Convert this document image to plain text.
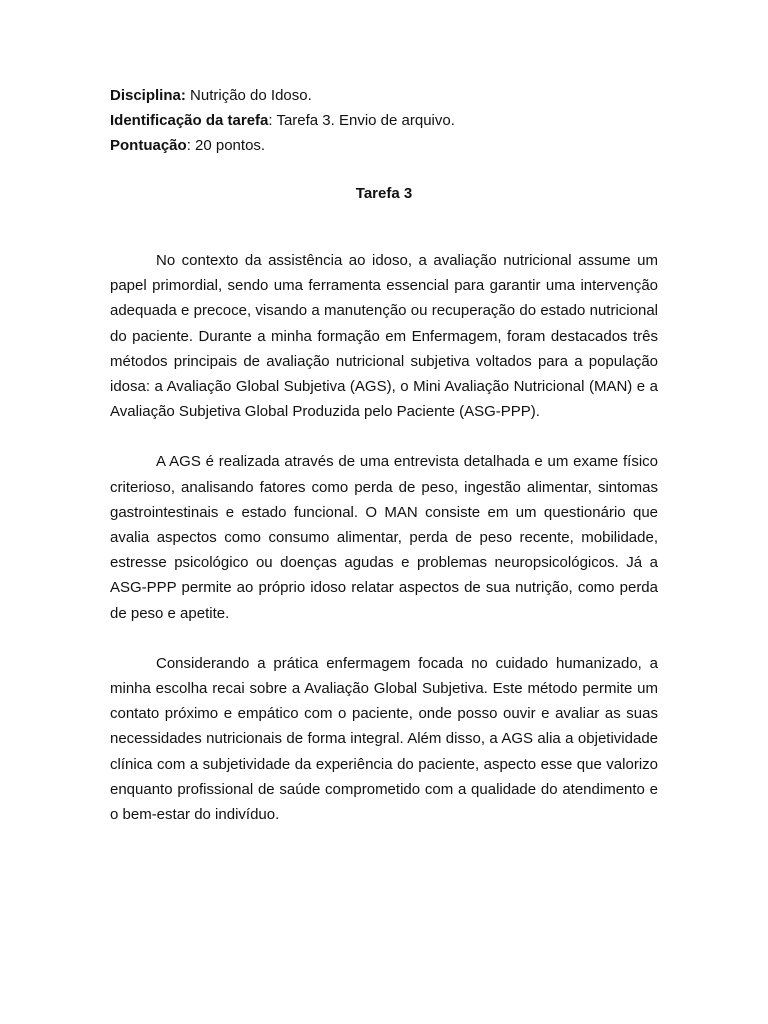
Disciplina: Nutrição do Idoso.

Identificação da tarefa: Tarefa 3. Envio de arquivo.

Pontuação: 20 pontos.

Tarefa 3

No contexto da assistência ao idoso, a avaliação nutricional assume um papel primordial, sendo uma ferramenta essencial para garantir uma intervenção adequada e precoce, visando a manutenção ou recuperação do estado nutricional do paciente. Durante a minha formação em Enfermagem, foram destacados três métodos principais de avaliação nutricional subjetiva voltados para a população idosa: a Avaliação Global Subjetiva (AGS), o Mini Avaliação Nutricional (MAN) e a Avaliação Subjetiva Global Produzida pelo Paciente (ASG-PPP).

A AGS é realizada através de uma entrevista detalhada e um exame físico criterioso, analisando fatores como perda de peso, ingestão alimentar, sintomas gastrointestinais e estado funcional. O MAN consiste em um questionário que avalia aspectos como consumo alimentar, perda de peso recente, mobilidade, estresse psicológico ou doenças agudas e problemas neuropsicológicos. Já a ASG-PPP permite ao próprio idoso relatar aspectos de sua nutrição, como perda de peso e apetite.

Considerando a prática enfermagem focada no cuidado humanizado, a minha escolha recai sobre a Avaliação Global Subjetiva. Este método permite um contato próximo e empático com o paciente, onde posso ouvir e avaliar as suas necessidades nutricionais de forma integral. Além disso, a AGS alia a objetividade clínica com a subjetividade da experiência do paciente, aspecto esse que valorizo enquanto profissional de saúde comprometido com a qualidade do atendimento e o bem-estar do indivíduo.
